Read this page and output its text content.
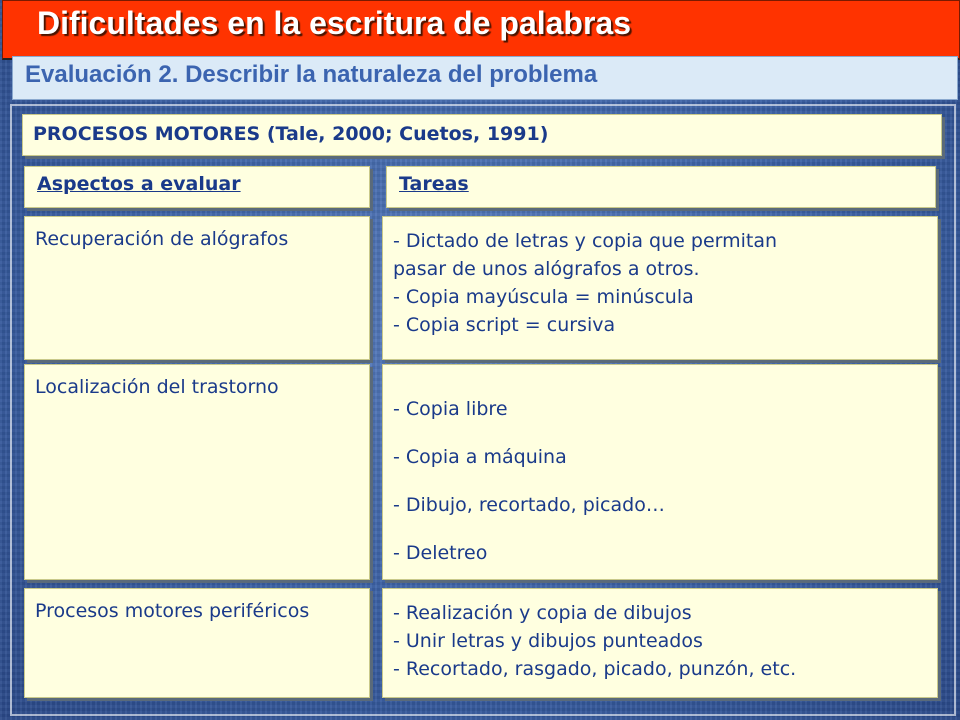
Dificultades en la escritura de palabras
Evaluación 2. Describir la naturaleza del problema
PROCESOS MOTORES (Tale, 2000; Cuetos, 1991)
Aspectos a evaluar	Tareas
Recuperación de alógrafos	- Dictado de letras y copia que permitan
pasar de unos alógrafos a otros.
- Copia mayúscula = minúscula
- Copia script = cursiva
Localización del trastorno
- Copia libre
- Copia a máquina
- Dibujo, recortado, picado…
- Deletreo
Procesos motores periféricos	- Realización y copia de dibujos
- Unir letras y dibujos punteados
- Recortado, rasgado, picado, punzón, etc.
